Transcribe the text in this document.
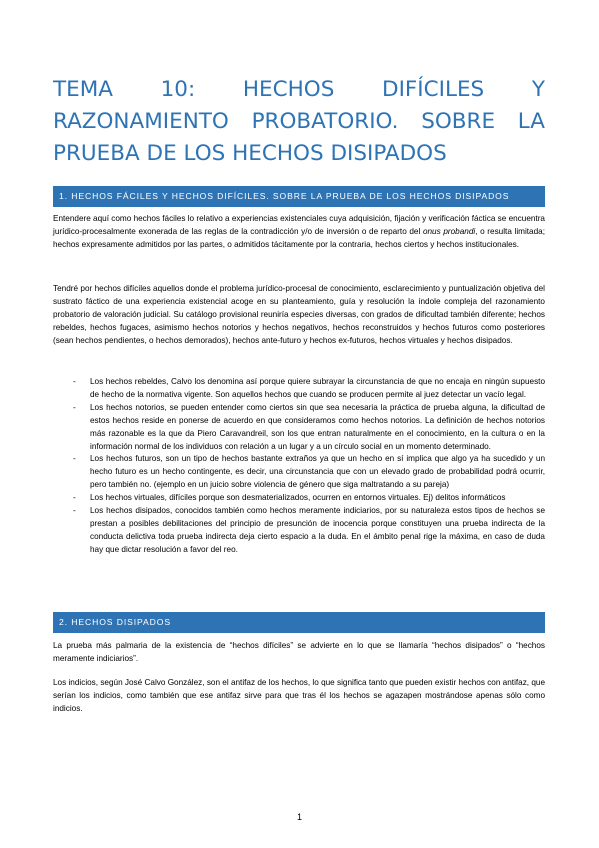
TEMA 10: HECHOS DIFÍCILES Y
RAZONAMIENTO PROBATORIO. SOBRE LA
PRUEBA DE LOS HECHOS DISIPADOS
1. HECHOS FÁCILES Y HECHOS DIFÍCILES. SOBRE LA PRUEBA DE LOS HECHOS DISIPADOS

Entendere aquí como hechos fáciles lo relativo a experiencias existenciales cuya adquisición, fijación y verificación fáctica se encuentra jurídico-procesalmente exonerada de las reglas de la contradicción y/o de inversión o de reparto del onus probandi, o resulta limitada; hechos expresamente admitidos por las partes, o admitidos tácitamente por la contraria, hechos ciertos y hechos institucionales.

Tendré por hechos difíciles aquellos donde el problema jurídico-procesal de conocimiento, esclarecimiento y puntualización objetiva del sustrato fáctico de una experiencia existencial acoge en su planteamiento, guía y resolución la índole compleja del razonamiento probatorio de valoración judicial. Su catálogo provisional reuniría especies diversas, con grados de dificultad también diferente; hechos rebeldes, hechos fugaces, asimismo hechos notorios y hechos negativos, hechos reconstruidos y hechos futuros como posteriores (sean hechos pendientes, o hechos demorados), hechos ante-futuro y hechos ex-futuros, hechos virtuales y hechos disipados.

- Los hechos rebeldes, Calvo los denomina así porque quiere subrayar la circunstancia de que no encaja en ningún supuesto de hecho de la normativa vigente. Son aquellos hechos que cuando se producen permite al juez detectar un vacío legal.
- Los hechos notorios, se pueden entender como ciertos sin que sea necesaria la práctica de prueba alguna, la dificultad de estos hechos reside en ponerse de acuerdo en que consideramos como hechos notorios. La definición de hechos notorios más razonable es la que da Piero Caravandreil, son los que entran naturalmente en el conocimiento, en la cultura o en la información normal de los individuos con relación a un lugar y a un círculo social en un momento determinado.
- Los hechos futuros, son un tipo de hechos bastante extraños ya que un hecho en sí implica que algo ya ha sucedido y un hecho futuro es un hecho contingente, es decir, una circunstancia que con un elevado grado de probabilidad podrá ocurrir, pero también no. (ejemplo en un juicio sobre violencia de género que siga maltratando a su pareja)
- Los hechos virtuales, difíciles porque son desmaterializados, ocurren en entornos virtuales. Ej) delitos informáticos
- Los hechos disipados, conocidos también como hechos meramente indiciarios, por su naturaleza estos tipos de hechos se prestan a posibles debilitaciones del principio de presunción de inocencia porque constituyen una prueba indirecta de la conducta delictiva toda prueba indirecta deja cierto espacio a la duda. En el ámbito penal rige la máxima, en caso de duda hay que dictar resolución a favor del reo.
2. HECHOS DISIPADOS

La prueba más palmaria de la existencia de “hechos difíciles” se advierte en lo que se llamaría “hechos disipados” o “hechos meramente indiciarios”.

Los indicios, según José Calvo González, son el antifaz de los hechos, lo que significa tanto que pueden existir hechos con antifaz, que serían los indicios, como también que ese antifaz sirve para que tras él los hechos se agazapen mostrándose apenas sólo como indicios.

1
